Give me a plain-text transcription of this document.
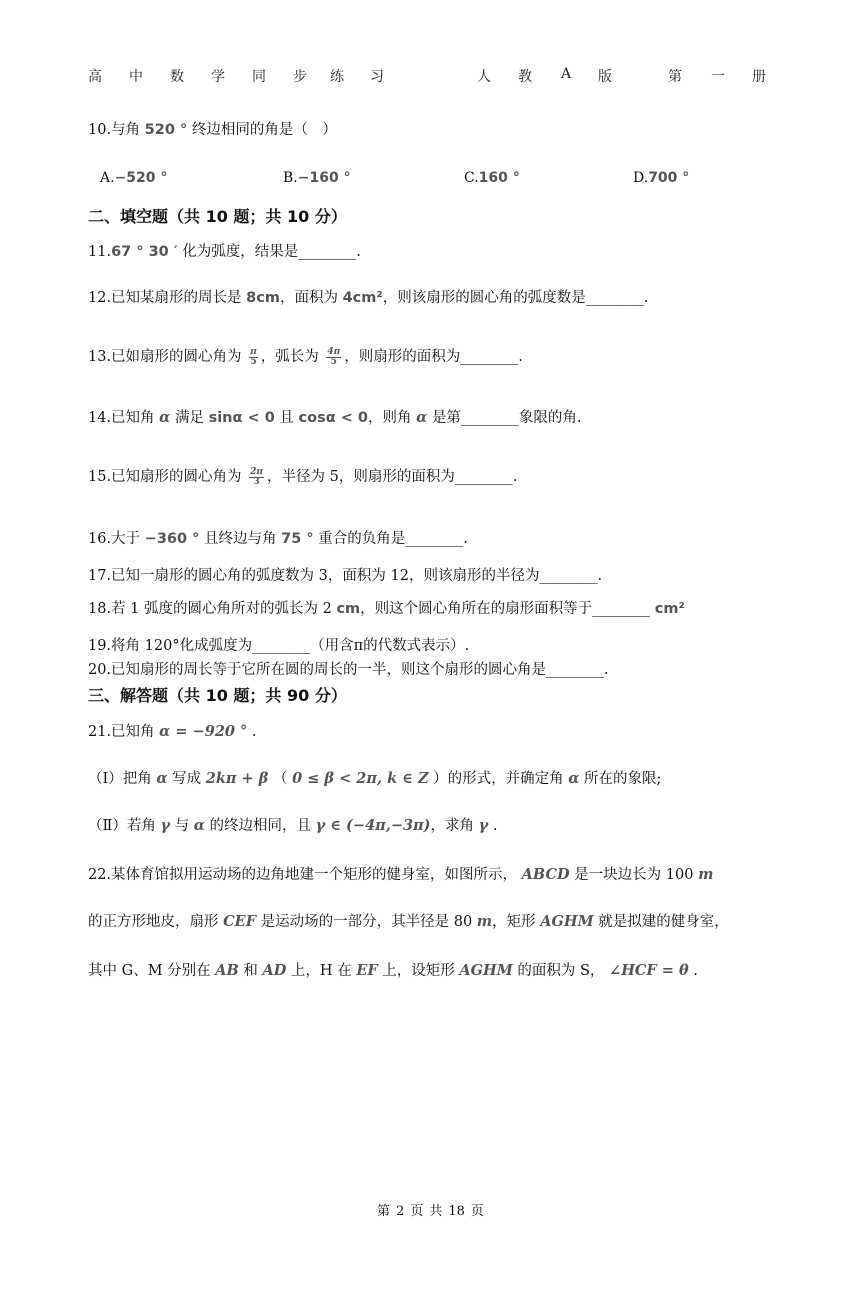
高 中 数 学 同 步 练 习	人 教 A 版	第 一 册
10.与角 520 ° 终边相同的角是（　）
A.−520 °	B.−160 °	C.160 °	D.700 °
二、填空题（共 10 题；共 10 分）
11.67 ° 30 ′ 化为弧度，结果是________.
12.已知某扇形的周长是 8cm，面积为 4cm²，则该扇形的圆心角的弧度数是________.
13.已如扇形的圆心角为 $\frac{\pi}{5}$ ，弧长为 $\frac{4\pi}{5}$ ，则扇形的面积为________.
14.已知角 α 满足 sinα < 0 且 cosα < 0，则角 α 是第________象限的角.
15.已知扇形的圆心角为 $\frac{2\pi}{3}$ ，半径为 5，则扇形的面积为________.
16.大于 −360 ° 且终边与角 75 ° 重合的负角是________.
17.已知一扇形的圆心角的弧度数为 3，面积为 12，则该扇形的半径为________.
18.若 1 弧度的圆心角所对的弧长为 2 cm，则这个圆心角所在的扇形面积等于________ cm²
19.将角 120°化成弧度为________（用含π的代数式表示）.
20.已知扇形的周长等于它所在圆的周长的一半，则这个扇形的圆心角是________.
三、解答题（共 10 题；共 90 分）
21.已知角 α = −920 ° .
（Ⅰ）把角 α 写成 2kπ + β （ 0 ≤ β < 2π, k ∈ Z ）的形式，并确定角 α 所在的象限;
（Ⅱ）若角 γ 与 α 的终边相同，且 γ ∈ (−4π,−3π)，求角 γ .
22.某体育馆拟用运动场的边角地建一个矩形的健身室，如图所示， ABCD 是一块边长为 100 m
的正方形地皮，扇形 CEF 是运动场的一部分，其半径是 80 m，矩形 AGHM 就是拟建的健身室，
其中 G、M 分别在 AB 和 AD 上，H 在 EF 上，设矩形 AGHM 的面积为 S， ∠HCF = θ .
第 2 页 共 18 页
